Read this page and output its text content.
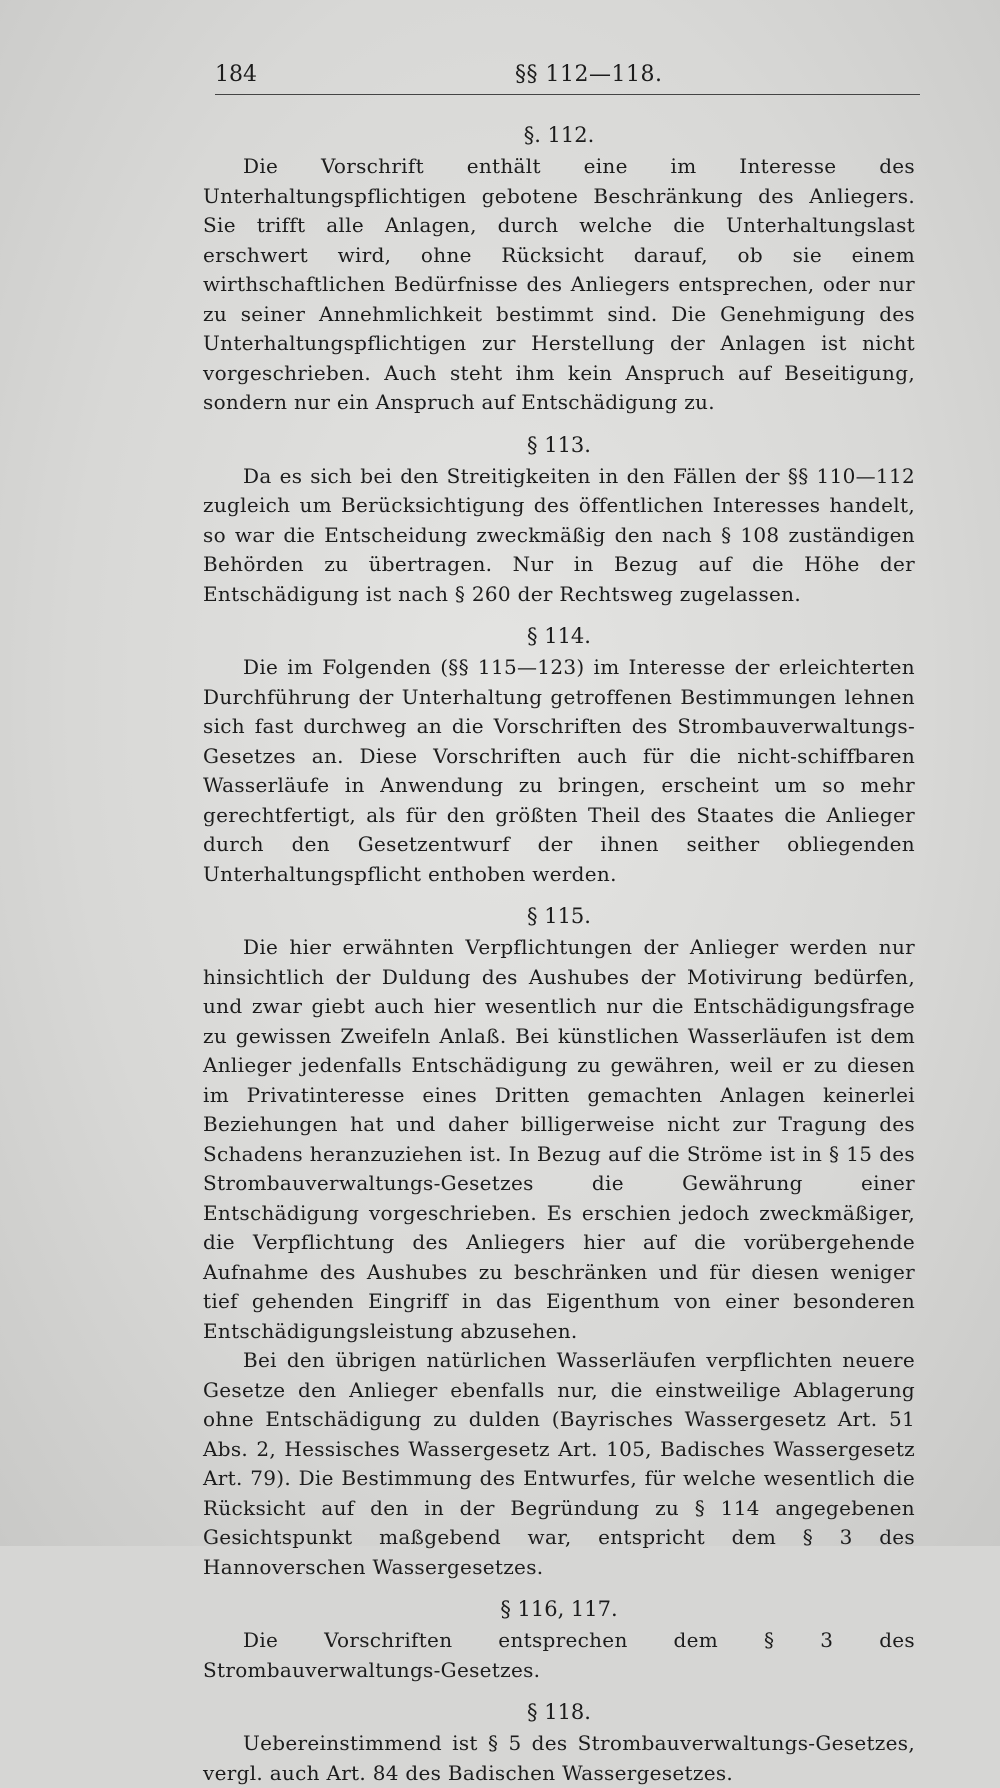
184	§§ 112—118.

§. 112.

Die Vorschrift enthält eine im Interesse des Unterhaltungspflichtigen gebotene Beschränkung des Anliegers. Sie trifft alle Anlagen, durch welche die Unterhaltungslast erschwert wird, ohne Rücksicht darauf, ob sie einem wirthschaftlichen Bedürfnisse des Anliegers entsprechen, oder nur zu seiner Annehmlichkeit bestimmt sind. Die Genehmigung des Unterhaltungspflichtigen zur Herstellung der Anlagen ist nicht vorgeschrieben. Auch steht ihm kein Anspruch auf Beseitigung, sondern nur ein Anspruch auf Entschädigung zu.

§ 113.

Da es sich bei den Streitigkeiten in den Fällen der §§ 110—112 zugleich um Berücksichtigung des öffentlichen Interesses handelt, so war die Entscheidung zweckmäßig den nach § 108 zuständigen Behörden zu übertragen. Nur in Bezug auf die Höhe der Entschädigung ist nach § 260 der Rechtsweg zugelassen.

§ 114.

Die im Folgenden (§§ 115—123) im Interesse der erleichterten Durchführung der Unterhaltung getroffenen Bestimmungen lehnen sich fast durchweg an die Vorschriften des Strombauverwaltungs-Gesetzes an. Diese Vorschriften auch für die nicht-schiffbaren Wasserläufe in Anwendung zu bringen, erscheint um so mehr gerechtfertigt, als für den größten Theil des Staates die Anlieger durch den Gesetzentwurf der ihnen seither obliegenden Unterhaltungspflicht enthoben werden.

§ 115.

Die hier erwähnten Verpflichtungen der Anlieger werden nur hinsichtlich der Duldung des Aushubes der Motivirung bedürfen, und zwar giebt auch hier wesentlich nur die Entschädigungsfrage zu gewissen Zweifeln Anlaß. Bei künstlichen Wasserläufen ist dem Anlieger jedenfalls Entschädigung zu gewähren, weil er zu diesen im Privatinteresse eines Dritten gemachten Anlagen keinerlei Beziehungen hat und daher billigerweise nicht zur Tragung des Schadens heranzuziehen ist. In Bezug auf die Ströme ist in § 15 des Strombauverwaltungs-Gesetzes die Gewährung einer Entschädigung vorgeschrieben. Es erschien jedoch zweckmäßiger, die Verpflichtung des Anliegers hier auf die vorübergehende Aufnahme des Aushubes zu beschränken und für diesen weniger tief gehenden Eingriff in das Eigenthum von einer besonderen Entschädigungsleistung abzusehen.

Bei den übrigen natürlichen Wasserläufen verpflichten neuere Gesetze den Anlieger ebenfalls nur, die einstweilige Ablagerung ohne Entschädigung zu dulden (Bayrisches Wassergesetz Art. 51 Abs. 2, Hessisches Wassergesetz Art. 105, Badisches Wassergesetz Art. 79). Die Bestimmung des Entwurfes, für welche wesentlich die Rücksicht auf den in der Begründung zu § 114 angegebenen Gesichtspunkt maßgebend war, entspricht dem § 3 des Hannoverschen Wassergesetzes.

§ 116, 117.

Die Vorschriften entsprechen dem § 3 des Strombauverwaltungs-Gesetzes.

§ 118.

Uebereinstimmend ist § 5 des Strombauverwaltungs-Gesetzes, vergl. auch Art. 84 des Badischen Wassergesetzes.
